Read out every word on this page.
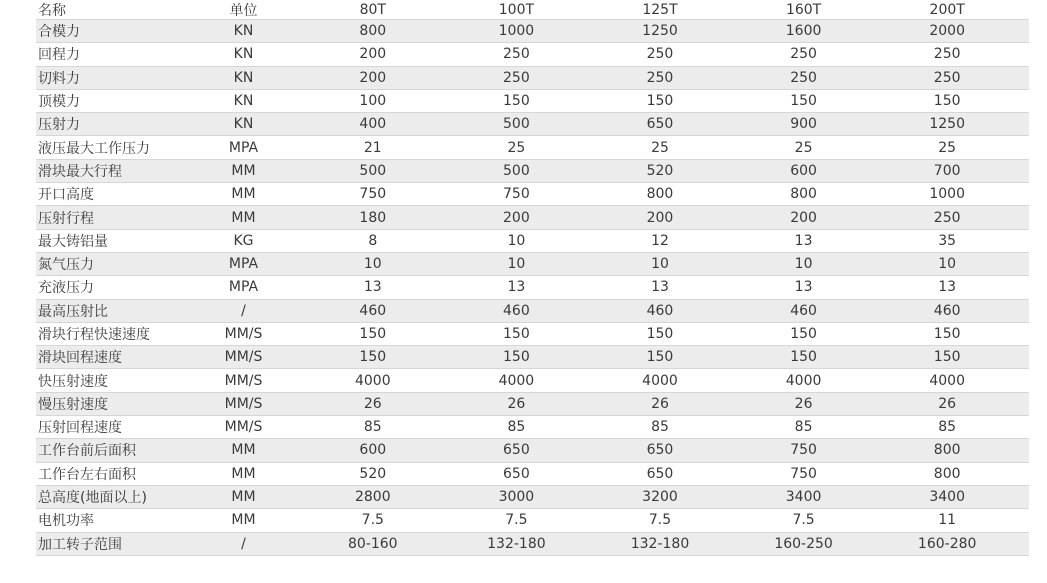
名称	单位	80T	100T	125T	160T	200T
合模力	KN	800	1000	1250	1600	2000
回程力	KN	200	250	250	250	250
切料力	KN	200	250	250	250	250
顶模力	KN	100	150	150	150	150
压射力	KN	400	500	650	900	1250
液压最大工作压力	MPA	21	25	25	25	25
滑块最大行程	MM	500	500	520	600	700
开口高度	MM	750	750	800	800	1000
压射行程	MM	180	200	200	200	250
最大铸铝量	KG	8	10	12	13	35
氮气压力	MPA	10	10	10	10	10
充液压力	MPA	13	13	13	13	13
最高压射比	/	460	460	460	460	460
滑块行程快速速度	MM/S	150	150	150	150	150
滑块回程速度	MM/S	150	150	150	150	150
快压射速度	MM/S	4000	4000	4000	4000	4000
慢压射速度	MM/S	26	26	26	26	26
压射回程速度	MM/S	85	85	85	85	85
工作台前后面积	MM	600	650	650	750	800
工作台左右面积	MM	520	650	650	750	800
总高度(地面以上)	MM	2800	3000	3200	3400	3400
电机功率	MM	7.5	7.5	7.5	7.5	11
加工转子范围	/	80-160	132-180	132-180	160-250	160-280
